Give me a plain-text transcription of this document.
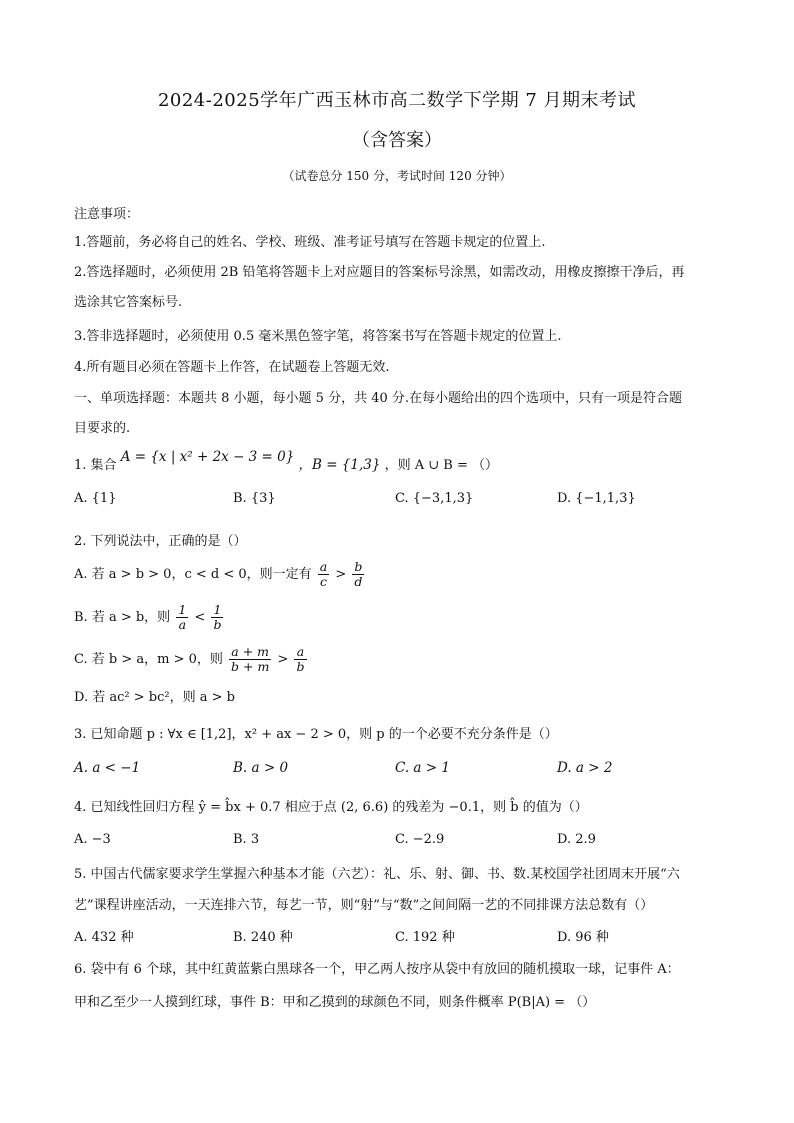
2024-2025学年广西玉林市高二数学下学期 7 月期末考试
（含答案）
（试卷总分 150 分，考试时间 120 分钟）
注意事项：
1.答题前，务必将自己的姓名、学校、班级、准考证号填写在答题卡规定的位置上.
2.答选择题时，必须使用 2B 铅笔将答题卡上对应题目的答案标号涂黑，如需改动，用橡皮擦擦干净后，再
选涂其它答案标号.
3.答非选择题时，必须使用 0.5 毫米黑色签字笔，将答案书写在答题卡规定的位置上.
4.所有题目必须在答题卡上作答，在试题卷上答题无效.
一、单项选择题：本题共 8 小题，每小题 5 分，共 40 分.在每小题给出的四个选项中，只有一项是符合题
目要求的.
1. 集合 A = {x | x² + 2x − 3 = 0} ，B = {1,3} ，则 A ∪ B = （）
A. {1}	B. {3}	C. {−3,1,3}	D. {−1,1,3}
2. 下列说法中，正确的是（）
A. 若 a > b > 0，c < d < 0，则一定有 $\frac{a}{c} > \frac{b}{d}$
B. 若 a > b，则 $\frac{1}{a} < \frac{1}{b}$
C. 若 b > a，m > 0，则 $\frac{a + m}{b + m} > \frac{a}{b}$
D. 若 ac² > bc²，则 a > b
3. 已知命题 p : ∀x ∈ [1,2]，x² + ax − 2 > 0，则 p 的一个必要不充分条件是（）
A. a < −1	B. a > 0	C. a > 1	D. a > 2
4. 已知线性回归方程 ŷ = b̂x + 0.7 相应于点 (2, 6.6) 的残差为 −0.1，则 b̂ 的值为（）
A. −3	B. 3	C. −2.9	D. 2.9
5. 中国古代儒家要求学生掌握六种基本才能（六艺）：礼、乐、射、御、书、数.某校国学社团周末开展“六
艺”课程讲座活动，一天连排六节，每艺一节，则“射”与“数”之间间隔一艺的不同排课方法总数有（）
A. 432 种	B. 240 种	C. 192 种	D. 96 种
6. 袋中有 6 个球，其中红黄蓝紫白黑球各一个，甲乙两人按序从袋中有放回的随机摸取一球，记事件 A：
甲和乙至少一人摸到红球，事件 B：甲和乙摸到的球颜色不同，则条件概率 P(B|A) = （）
